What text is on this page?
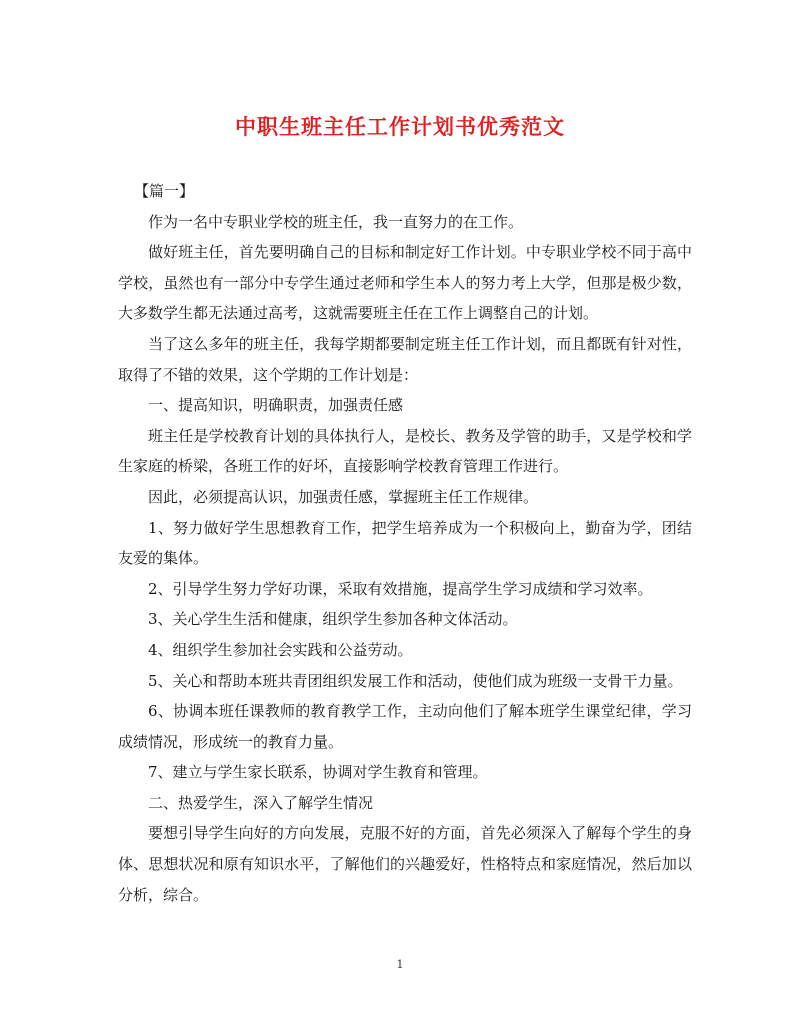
中职生班主任工作计划书优秀范文

【篇一】

作为一名中专职业学校的班主任，我一直努力的在工作。

做好班主任，首先要明确自己的目标和制定好工作计划。中专职业学校不同于高中学校，虽然也有一部分中专学生通过老师和学生本人的努力考上大学，但那是极少数，大多数学生都无法通过高考，这就需要班主任在工作上调整自己的计划。

当了这么多年的班主任，我每学期都要制定班主任工作计划，而且都既有针对性，取得了不错的效果，这个学期的工作计划是：

一、提高知识，明确职责，加强责任感

班主任是学校教育计划的具体执行人，是校长、教务及学管的助手，又是学校和学生家庭的桥梁，各班工作的好坏，直接影响学校教育管理工作进行。

因此，必须提高认识，加强责任感，掌握班主任工作规律。

1、努力做好学生思想教育工作，把学生培养成为一个积极向上，勤奋为学，团结友爱的集体。

2、引导学生努力学好功课，采取有效措施，提高学生学习成绩和学习效率。

3、关心学生生活和健康，组织学生参加各种文体活动。

4、组织学生参加社会实践和公益劳动。

5、关心和帮助本班共青团组织发展工作和活动，使他们成为班级一支骨干力量。

6、协调本班任课教师的教育教学工作，主动向他们了解本班学生课堂纪律，学习成绩情况，形成统一的教育力量。

7、建立与学生家长联系，协调对学生教育和管理。

二、热爱学生，深入了解学生情况

要想引导学生向好的方向发展，克服不好的方面，首先必须深入了解每个学生的身体、思想状况和原有知识水平，了解他们的兴趣爱好，性格特点和家庭情况，然后加以分析，综合。

1
